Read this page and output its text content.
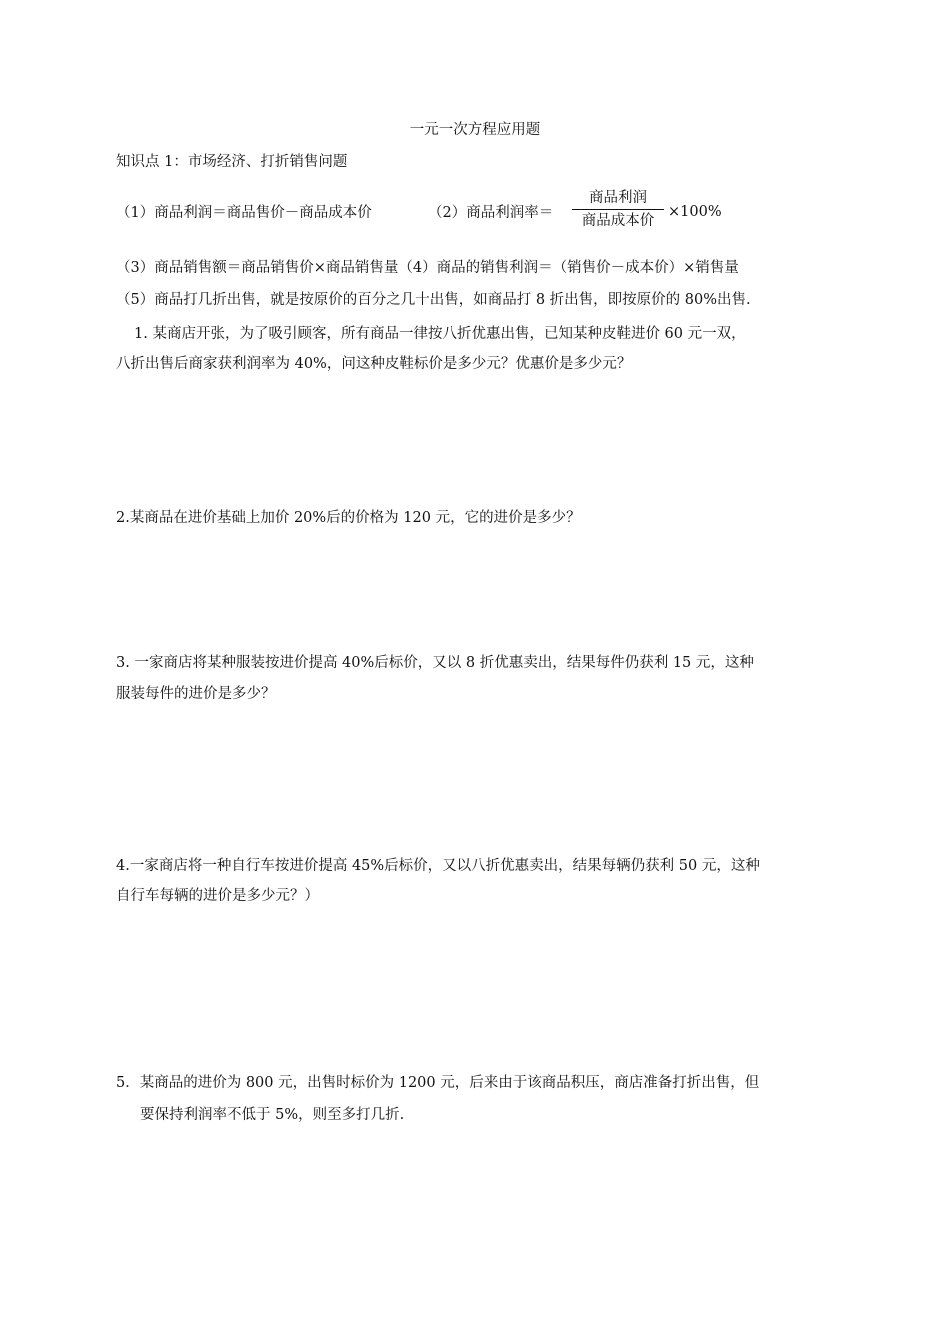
一元一次方程应用题
知识点 1：市场经济、打折销售问题
（1）商品利润＝商品售价－商品成本价	（2）商品利润率＝
商品利润
商品成本价
×100%
（3）商品销售额＝商品销售价×商品销售量（4）商品的销售利润＝（销售价－成本价）×销售量
（5）商品打几折出售，就是按原价的百分之几十出售，如商品打 8 折出售，即按原价的 80%出售.
1. 某商店开张，为了吸引顾客，所有商品一律按八折优惠出售，已知某种皮鞋进价 60 元一双，
八折出售后商家获利润率为 40%，问这种皮鞋标价是多少元？优惠价是多少元？
2.某商品在进价基础上加价 20%后的价格为 120 元，它的进价是多少？
3. 一家商店将某种服装按进价提高 40%后标价，又以 8 折优惠卖出，结果每件仍获利 15 元，这种
服装每件的进价是多少？
4.一家商店将一种自行车按进价提高 45%后标价，又以八折优惠卖出，结果每辆仍获利 50 元，这种
自行车每辆的进价是多少元？）
5．某商品的进价为 800 元，出售时标价为 1200 元，后来由于该商品积压，商店准备打折出售，但
要保持利润率不低于 5%，则至多打几折.
